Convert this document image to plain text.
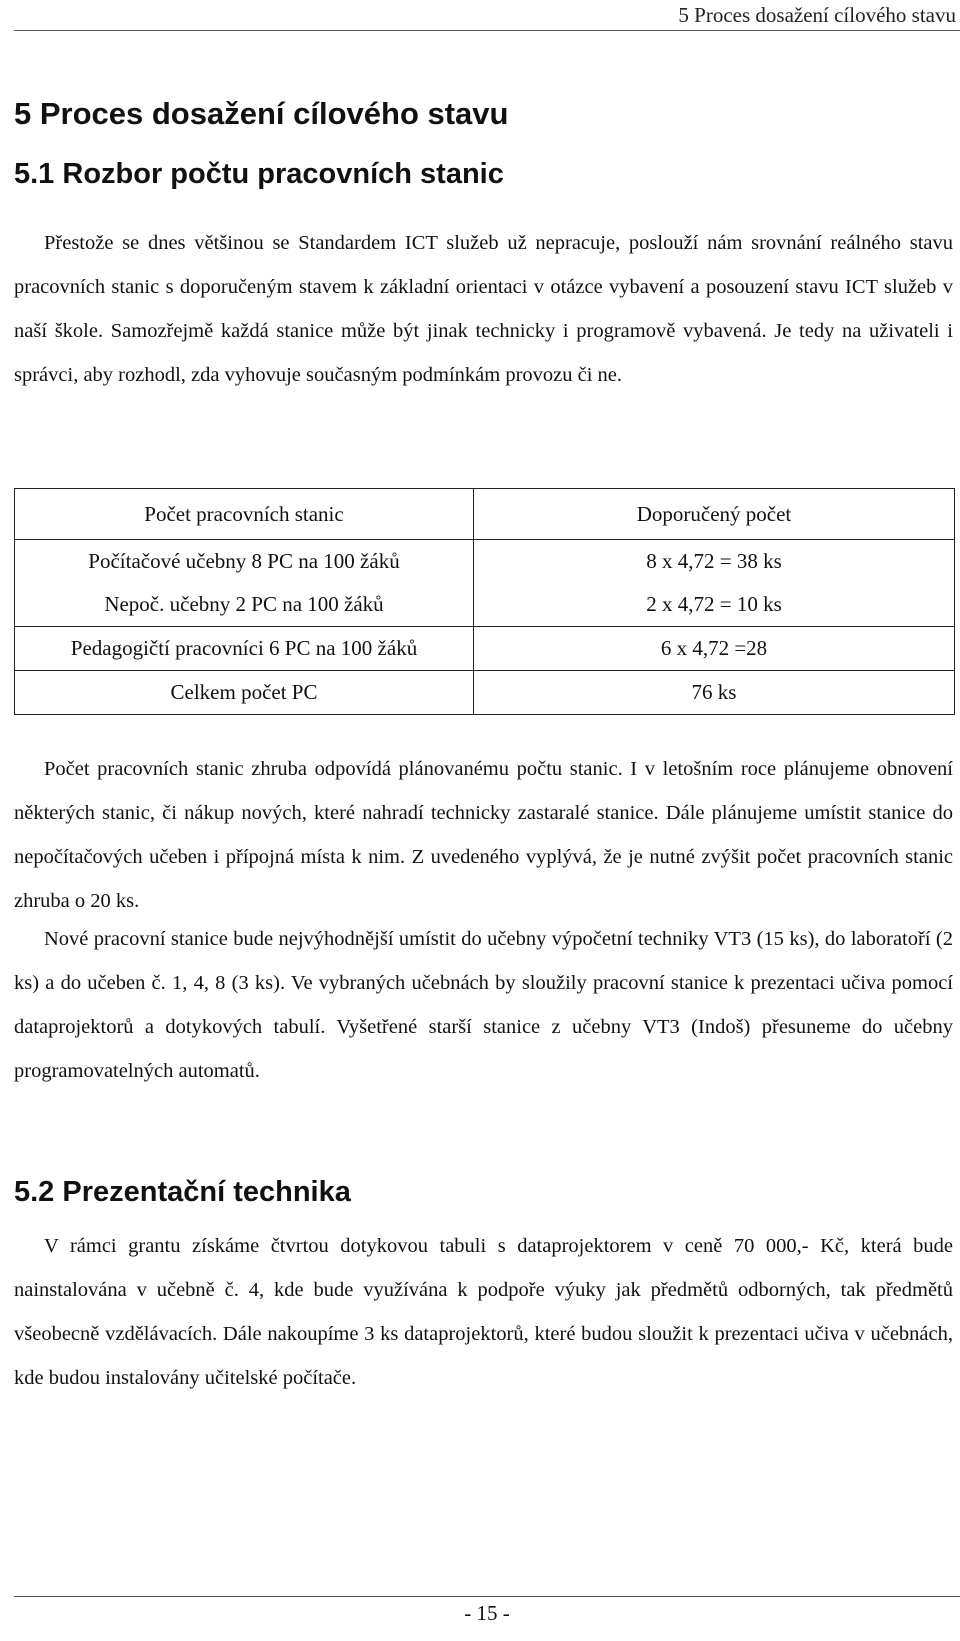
5 Proces dosažení cílového stavu
5 Proces dosažení cílového stavu
5.1 Rozbor počtu pracovních stanic

Přestože se dnes většinou se Standardem ICT služeb už nepracuje, poslouží nám srovnání reálného stavu pracovních stanic s doporučeným stavem k základní orientaci v otázce vybavení a posouzení stavu ICT služeb v naší škole. Samozřejmě každá stanice může být jinak technicky i programově vybavená. Je tedy na uživateli i správci, aby rozhodl, zda vyhovuje současným podmínkám provozu či ne.

Počet pracovních stanic	Doporučený počet
Počítačové učebny 8 PC na 100 žáků	8 x 4,72 = 38 ks
Nepoč. učebny 2 PC na 100 žáků	2 x 4,72 = 10 ks
Pedagogičtí pracovníci 6 PC na 100 žáků	6 x 4,72 =28
Celkem počet PC	76 ks

Počet pracovních stanic zhruba odpovídá plánovanému počtu stanic. I v letošním roce plánujeme obnovení některých stanic, či nákup nových, které nahradí technicky zastaralé stanice. Dále plánujeme umístit stanice do nepočítačových učeben i přípojná místa k nim. Z uvedeného vyplývá, že je nutné zvýšit počet pracovních stanic zhruba o 20 ks.

Nové pracovní stanice bude nejvýhodnější umístit do učebny výpočetní techniky VT3 (15 ks), do laboratoří (2 ks) a do učeben č. 1, 4, 8 (3 ks). Ve vybraných učebnách by sloužily pracovní stanice k prezentaci učiva pomocí dataprojektorů a dotykových tabulí. Vyšetřené starší stanice z učebny VT3 (Indoš) přesuneme do učebny programovatelných automatů.

5.2 Prezentační technika

V rámci grantu získáme čtvrtou dotykovou tabuli s dataprojektorem v ceně 70 000,- Kč, která bude nainstalována v učebně č. 4, kde bude využívána k podpoře výuky jak předmětů odborných, tak předmětů všeobecně vzdělávacích. Dále nakoupíme 3 ks dataprojektorů, které budou sloužit k prezentaci učiva v učebnách, kde budou instalovány učitelské počítače.

- 15 -
